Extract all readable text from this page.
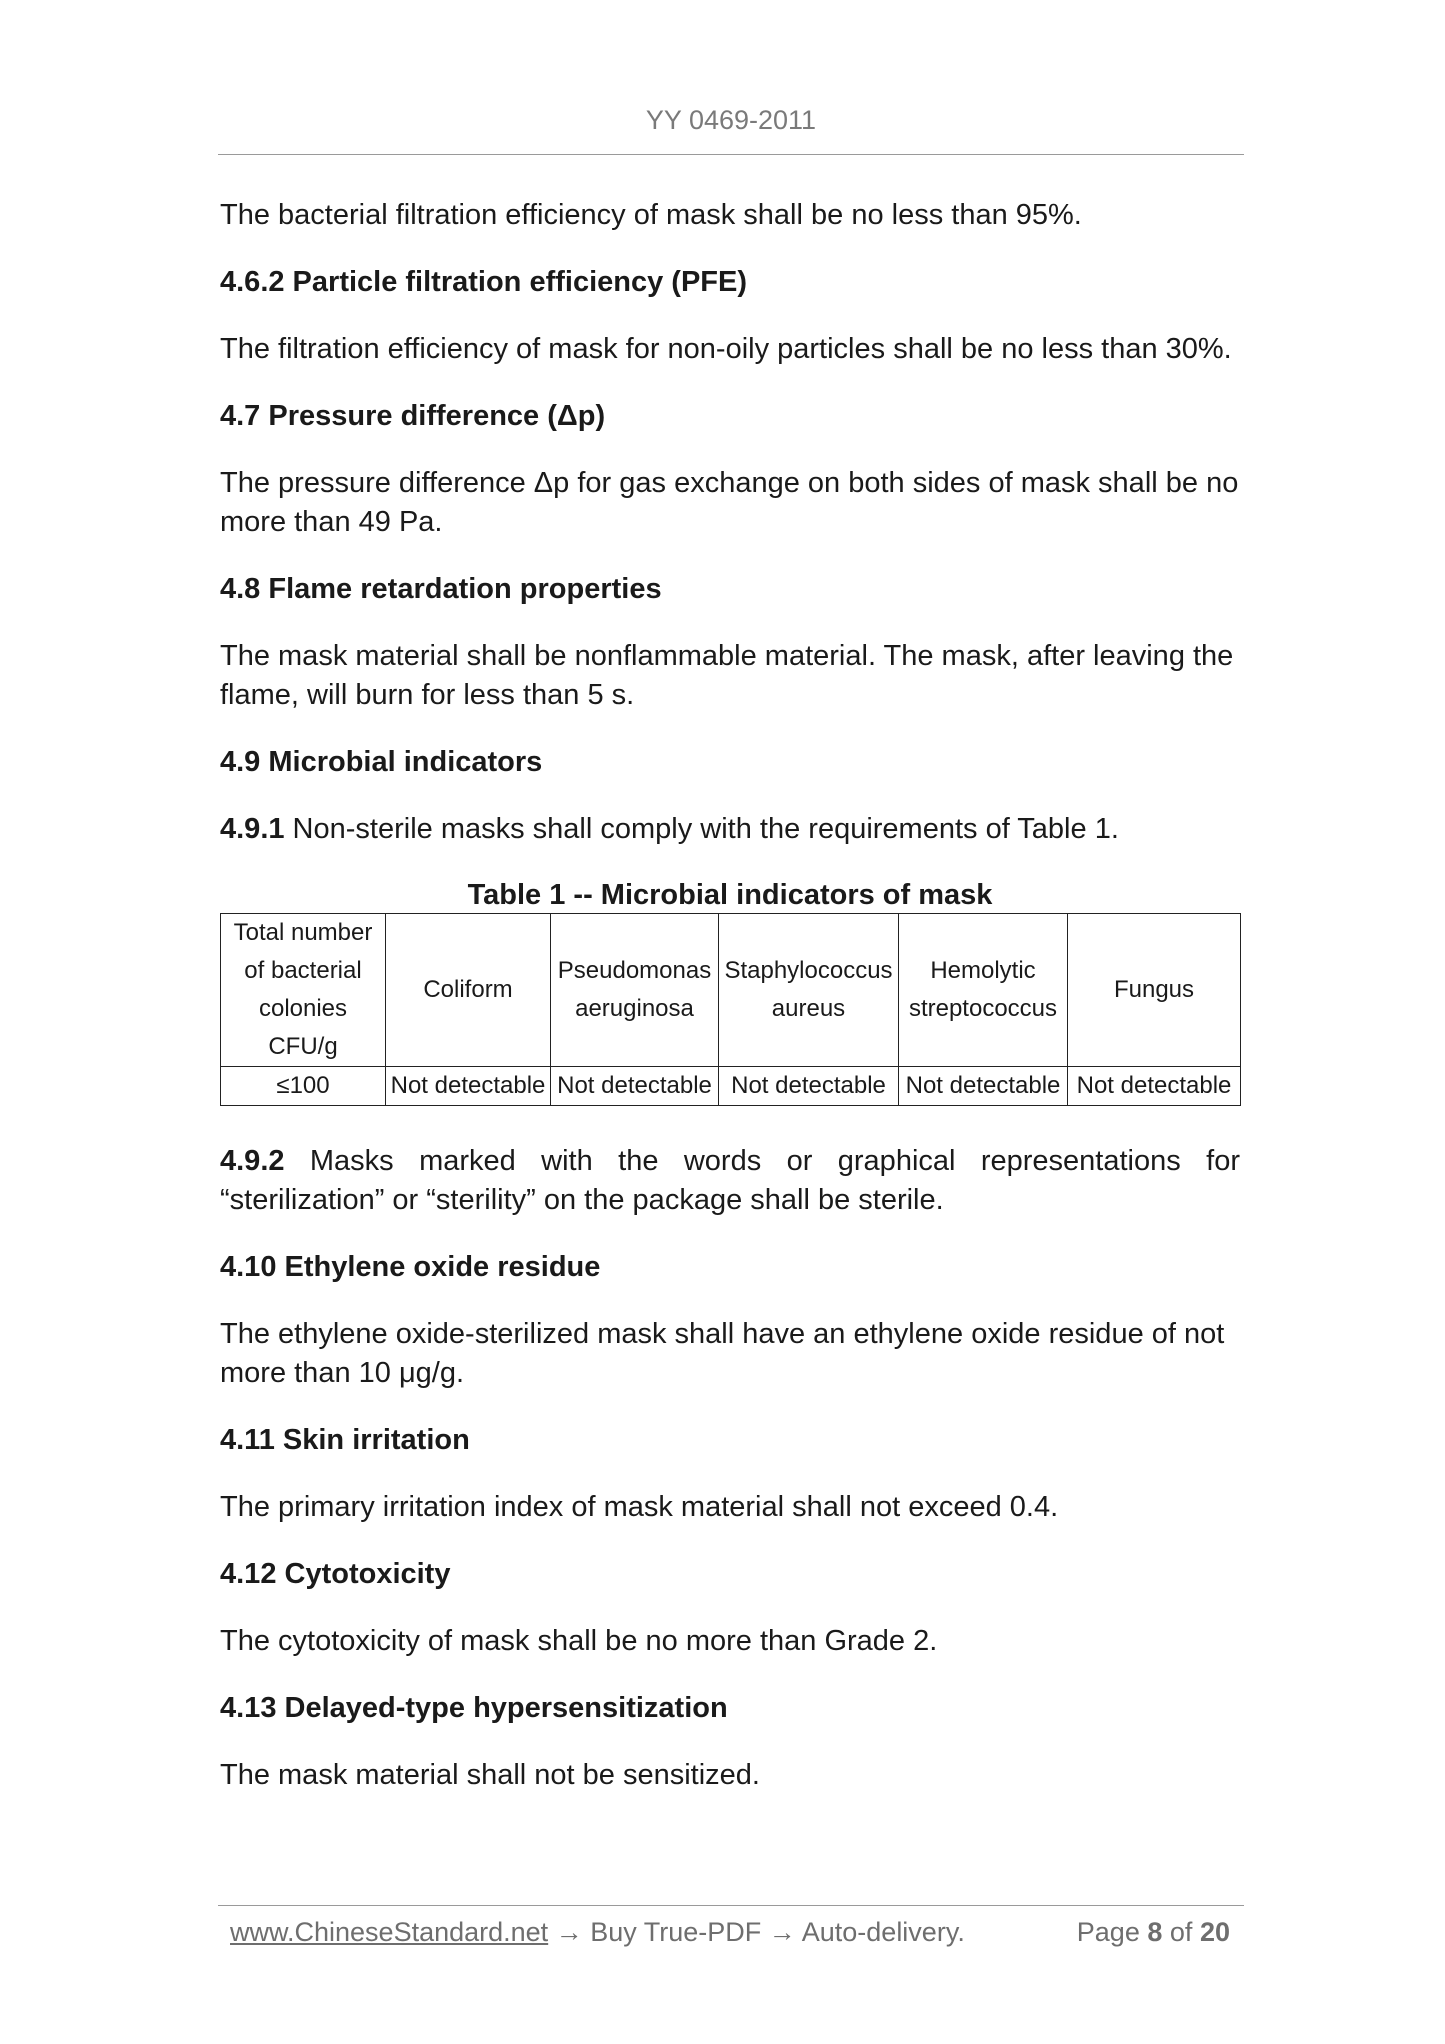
YY 0469-2011

The bacterial filtration efficiency of mask shall be no less than 95%.

4.6.2 Particle filtration efficiency (PFE)

The filtration efficiency of mask for non-oily particles shall be no less than 30%.

4.7 Pressure difference (Δp)

The pressure difference Δp for gas exchange on both sides of mask shall be no more than 49 Pa.

4.8 Flame retardation properties

The mask material shall be nonflammable material. The mask, after leaving the flame, will burn for less than 5 s.

4.9 Microbial indicators

4.9.1 Non-sterile masks shall comply with the requirements of Table 1.

Table 1 -- Microbial indicators of mask

Total number of bacterial colonies CFU/g	Coliform	Pseudomonas aeruginosa	Staphylococcus aureus	Hemolytic streptococcus	Fungus
≤100	Not detectable	Not detectable	Not detectable	Not detectable	Not detectable

4.9.2 Masks marked with the words or graphical representations for “sterilization” or “sterility” on the package shall be sterile.

4.10 Ethylene oxide residue

The ethylene oxide-sterilized mask shall have an ethylene oxide residue of not more than 10 μg/g.

4.11 Skin irritation

The primary irritation index of mask material shall not exceed 0.4.

4.12 Cytotoxicity

The cytotoxicity of mask shall be no more than Grade 2.

4.13 Delayed-type hypersensitization

The mask material shall not be sensitized.

www.ChineseStandard.net → Buy True-PDF → Auto-delivery.	Page 8 of 20
